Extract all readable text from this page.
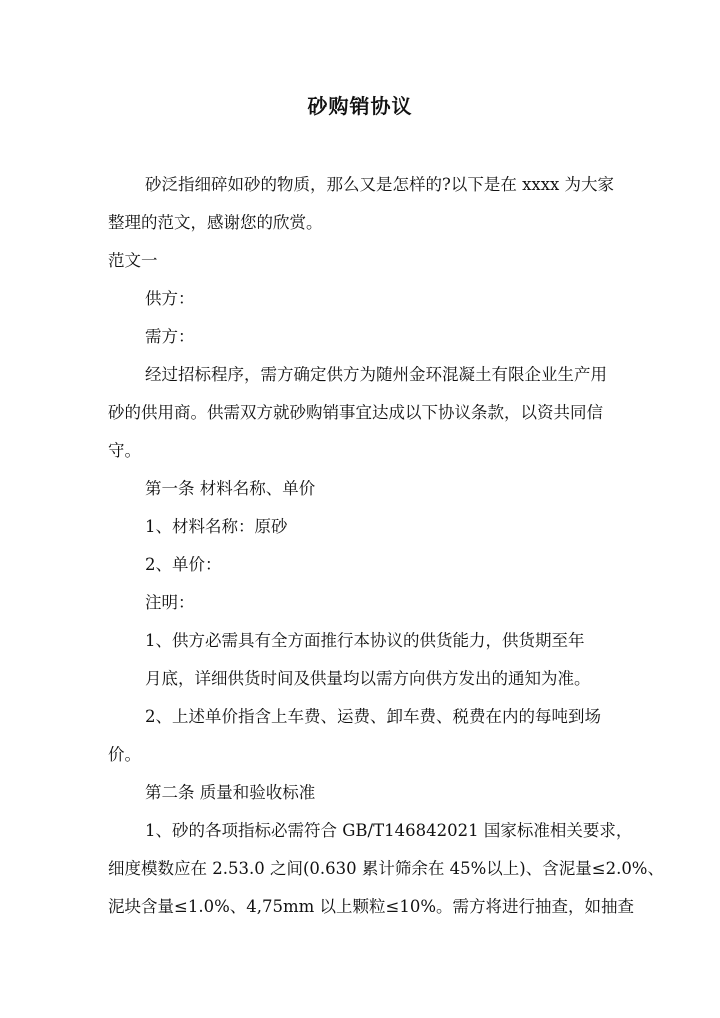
砂购销协议

砂泛指细碎如砂的物质，那么又是怎样的?以下是在 xxxx 为大家

整理的范文，感谢您的欣赏。

范文一

供方：

需方：

经过招标程序，需方确定供方为随州金环混凝土有限企业生产用

砂的供用商。供需双方就砂购销事宜达成以下协议条款，以资共同信

守。

第一条 材料名称、单价

1、材料名称：原砂

2、单价：

注明：

1、供方必需具有全方面推行本协议的供货能力，供货期至年

月底，详细供货时间及供量均以需方向供方发出的通知为准。

2、上述单价指含上车费、运费、卸车费、税费在内的每吨到场

价。

第二条 质量和验收标准

1、砂的各项指标必需符合 GB/T146842021 国家标准相关要求，

细度模数应在 2.53.0 之间(0.630 累计筛余在 45%以上)、含泥量≤2.0%、

泥块含量≤1.0%、4,75mm 以上颗粒≤10%。需方将进行抽查，如抽查
